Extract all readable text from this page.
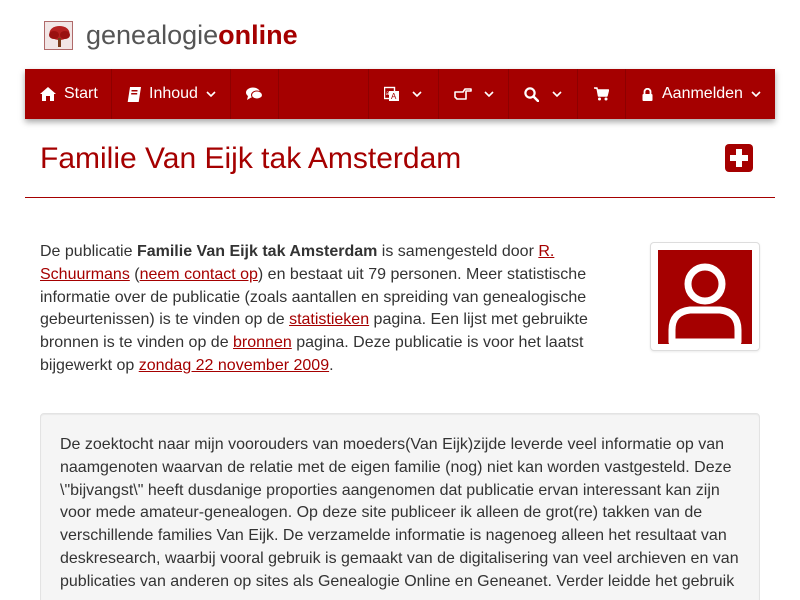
genealogieonline
Start	Inhoud	A
a	Aanmelden
Familie Van Eijk tak Amsterdam

De publicatie Familie Van Eijk tak Amsterdam is samengesteld door R. Schuurmans (neem contact op) en bestaat uit 79 personen. Meer statistische informatie over de publicatie (zoals aantallen en spreiding van genealogische gebeurtenissen) is te vinden op de statistieken pagina. Een lijst met gebruikte bronnen is te vinden op de bronnen pagina. Deze publicatie is voor het laatst bijgewerkt op zondag 22 november 2009.

De zoektocht naar mijn voorouders van moeders(Van Eijk)zijde leverde veel informatie op van naamgenoten waarvan de relatie met de eigen familie (nog) niet kan worden vastgesteld. Deze \"bijvangst\" heeft dusdanige proporties aangenomen dat publicatie ervan interessant kan zijn voor mede amateur-genealogen. Op deze site publiceer ik alleen de grot(re) takken van de verschillende families Van Eijk. De verzamelde informatie is nagenoeg alleen het resultaat van deskresearch, waarbij vooral gebruik is gemaakt van de digitalisering van veel archieven en van publicaties van anderen op sites als Genealogie Online en Geneanet. Verder leidde het gebruik
